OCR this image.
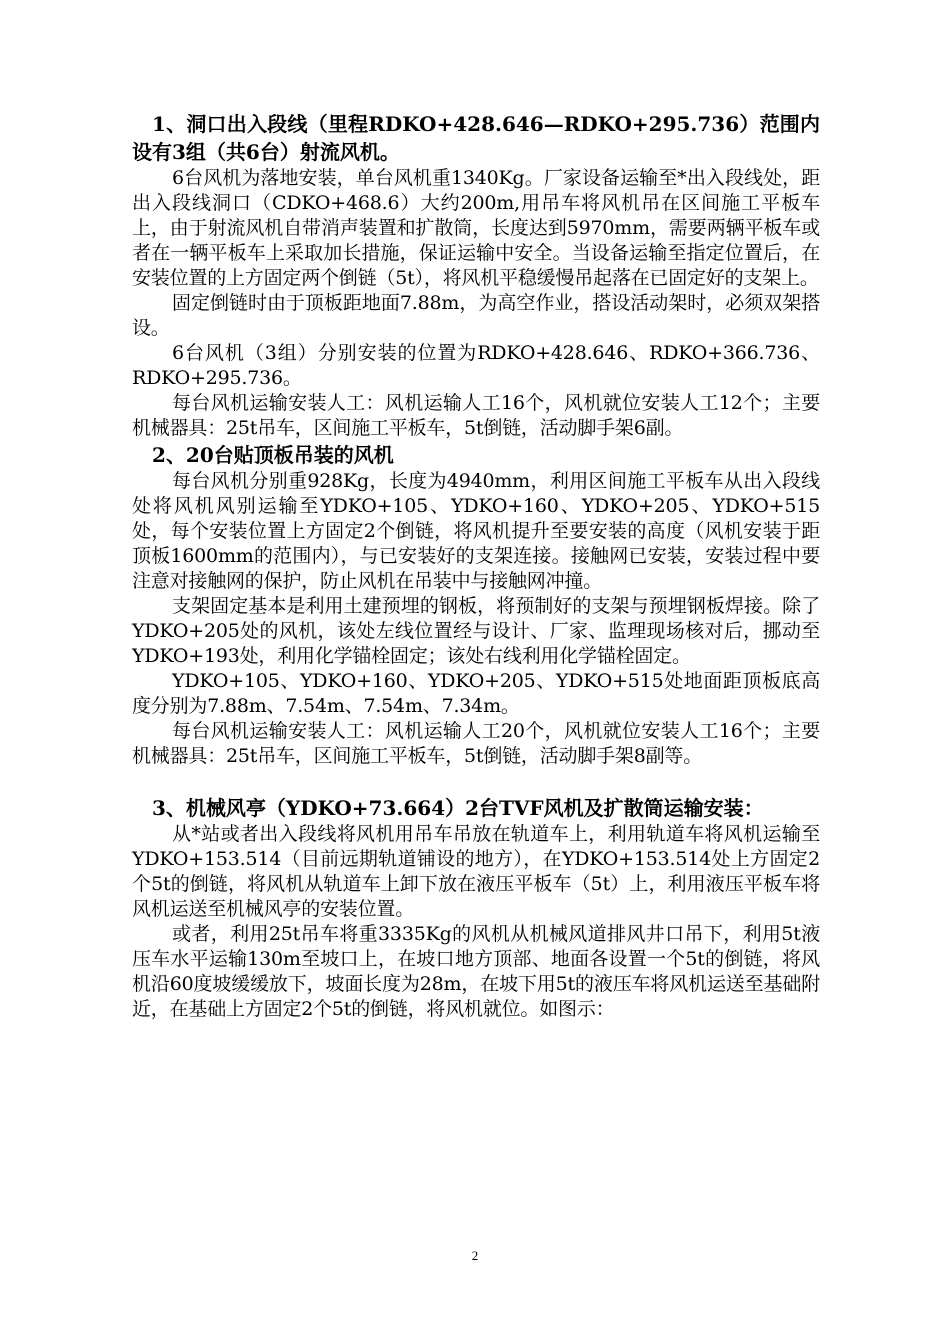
1、洞口出入段线（里程RDKO+428.646—RDKO+295.736）范围内设有3组（共6台）射流风机。

6台风机为落地安装，单台风机重1340Kg。厂家设备运输至*出入段线处，距出入段线洞口（CDKO+468.6）大约200m,用吊车将风机吊在区间施工平板车上，由于射流风机自带消声装置和扩散筒，长度达到5970mm，需要两辆平板车或者在一辆平板车上采取加长措施，保证运输中安全。当设备运输至指定位置后，在安装位置的上方固定两个倒链（5t），将风机平稳缓慢吊起落在已固定好的支架上。

固定倒链时由于顶板距地面7.88m，为高空作业，搭设活动架时，必须双架搭设。

6台风机（3组）分别安装的位置为RDKO+428.646、RDKO+366.736、RDKO+295.736。

每台风机运输安装人工：风机运输人工16个，风机就位安装人工12个；主要机械器具：25t吊车，区间施工平板车，5t倒链，活动脚手架6副。

2、20台贴顶板吊装的风机

每台风机分别重928Kg，长度为4940mm，利用区间施工平板车从出入段线处将风机风别运输至YDKO+105、YDKO+160、YDKO+205、YDKO+515处，每个安装位置上方固定2个倒链，将风机提升至要安装的高度（风机安装于距顶板1600mm的范围内），与已安装好的支架连接。接触网已安装，安装过程中要注意对接触网的保护，防止风机在吊装中与接触网冲撞。

支架固定基本是利用土建预埋的钢板，将预制好的支架与预埋钢板焊接。除了YDKO+205处的风机，该处左线位置经与设计、厂家、监理现场核对后，挪动至YDKO+193处，利用化学锚栓固定；该处右线利用化学锚栓固定。

YDKO+105、YDKO+160、YDKO+205、YDKO+515处地面距顶板底高度分别为7.88m、7.54m、7.54m、7.34m。

每台风机运输安装人工：风机运输人工20个，风机就位安装人工16个；主要机械器具：25t吊车，区间施工平板车，5t倒链，活动脚手架8副等。

3、机械风亭（YDKO+73.664）2台TVF风机及扩散筒运输安装：

从*站或者出入段线将风机用吊车吊放在轨道车上，利用轨道车将风机运输至YDKO+153.514（目前远期轨道铺设的地方），在YDKO+153.514处上方固定2个5t的倒链，将风机从轨道车上卸下放在液压平板车（5t）上，利用液压平板车将风机运送至机械风亭的安装位置。

或者，利用25t吊车将重3335Kg的风机从机械风道排风井口吊下，利用5t液压车水平运输130m至坡口上，在坡口地方顶部、地面各设置一个5t的倒链，将风机沿60度坡缓缓放下，坡面长度为28m，在坡下用5t的液压车将风机运送至基础附近，在基础上方固定2个5t的倒链，将风机就位。如图示：

2
